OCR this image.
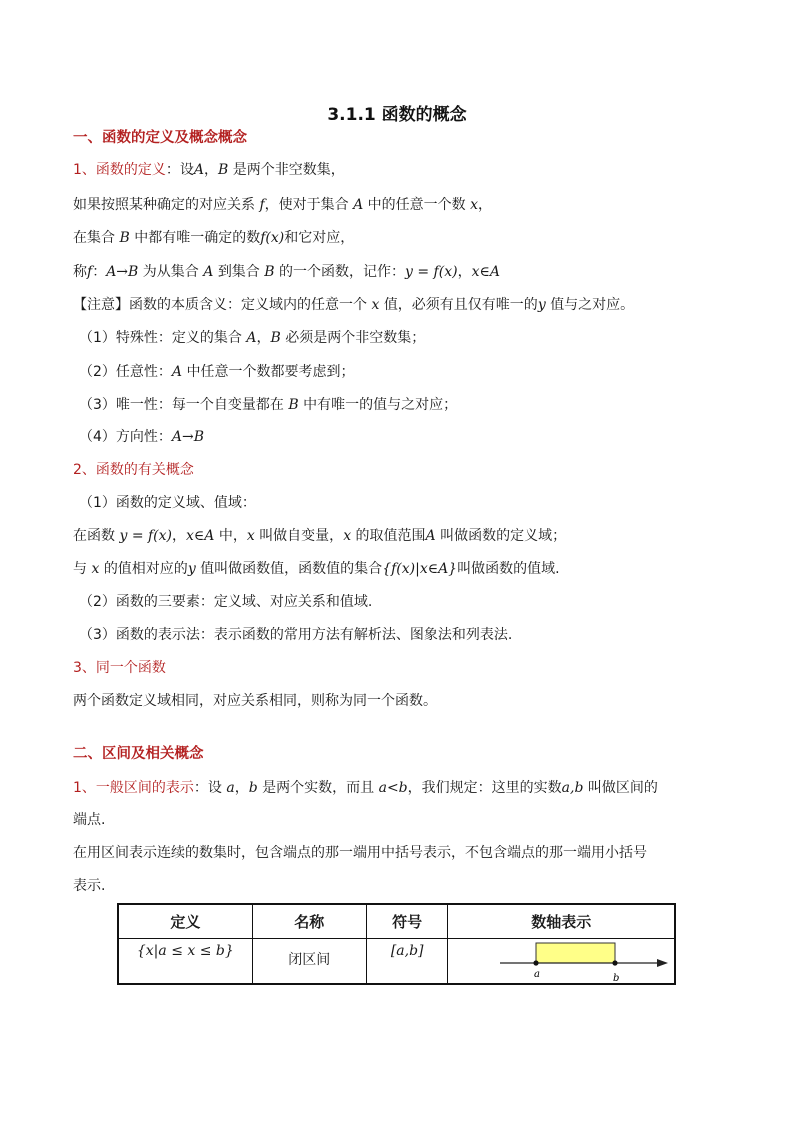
3.1.1 函数的概念
一、函数的定义及概念概念
1、函数的定义：设A，B 是两个非空数集，
如果按照某种确定的对应关系 f，使对于集合 A 中的任意一个数 x，
在集合 B 中都有唯一确定的数f(x)和它对应，
称f：A→B 为从集合 A 到集合 B 的一个函数，记作：y = f(x)，x∈A
【注意】函数的本质含义：定义域内的任意一个 x 值，必须有且仅有唯一的y 值与之对应。
（1）特殊性：定义的集合 A，B 必须是两个非空数集；
（2）任意性：A 中任意一个数都要考虑到；
（3）唯一性：每一个自变量都在 B 中有唯一的值与之对应；
（4）方向性：A→B
2、函数的有关概念
（1）函数的定义域、值域：
在函数 y = f(x)，x∈A 中，x 叫做自变量，x 的取值范围A 叫做函数的定义域；
与 x 的值相对应的y 值叫做函数值，函数值的集合{f(x)|x∈A}叫做函数的值域.
（2）函数的三要素：定义域、对应关系和值域.
（3）函数的表示法：表示函数的常用方法有解析法、图象法和列表法.
3、同一个函数
两个函数定义域相同，对应关系相同，则称为同一个函数。
二、区间及相关概念
1、一般区间的表示：设 a，b 是两个实数，而且 a<b，我们规定：这里的实数a,b 叫做区间的
端点.
在用区间表示连续的数集时，包含端点的那一端用中括号表示，不包含端点的那一端用小括号
表示.
定义	名称	符号	数轴表示

{x|a ≤ x ≤ b}	闭区间	[a,b]	a b
